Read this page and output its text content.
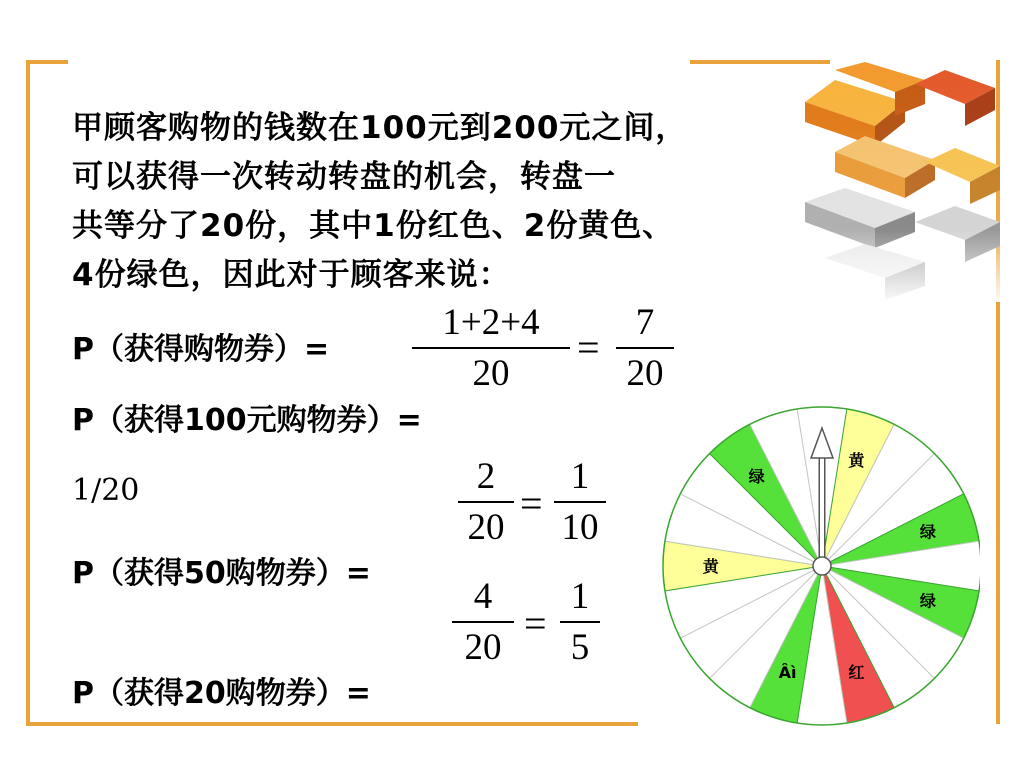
甲顾客购物的钱数在100元到200元之间，
可以获得一次转动转盘的机会，转盘一
共等分了20份，其中1份红色、2份黄色、
4份绿色，因此对于顾客来说：
P（获得购物券）=
1+2+4
20
=
7
20
P（获得100元购物券）=
1/20	2
20
=
1
10
P（获得50购物券）=
4
20
=
1
5
P（获得20购物券）=
黄
绿
绿
红
Âì
黄
绿
